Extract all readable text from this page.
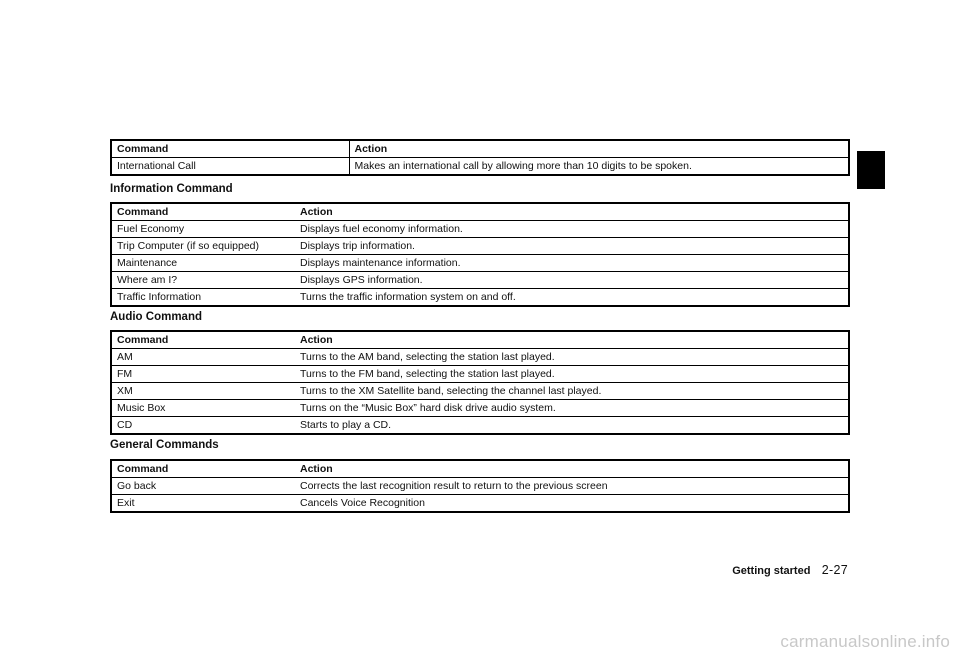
Command	Action
International Call	Makes an international call by allowing more than 10 digits to be spoken.
Information Command
Command	Action
Fuel Economy	Displays fuel economy information.
Trip Computer (if so equipped)	Displays trip information.
Maintenance	Displays maintenance information.
Where am I?	Displays GPS information.
Traffic Information	Turns the traffic information system on and off.
Audio Command
Command	Action
AM	Turns to the AM band, selecting the station last played.
FM	Turns to the FM band, selecting the station last played.
XM	Turns to the XM Satellite band, selecting the channel last played.
Music Box	Turns on the “Music Box” hard disk drive audio system.
CD	Starts to play a CD.
General Commands
Command	Action
Go back	Corrects the last recognition result to return to the previous screen
Exit	Cancels Voice Recognition
Getting started 2-27
carmanualsonline.info
